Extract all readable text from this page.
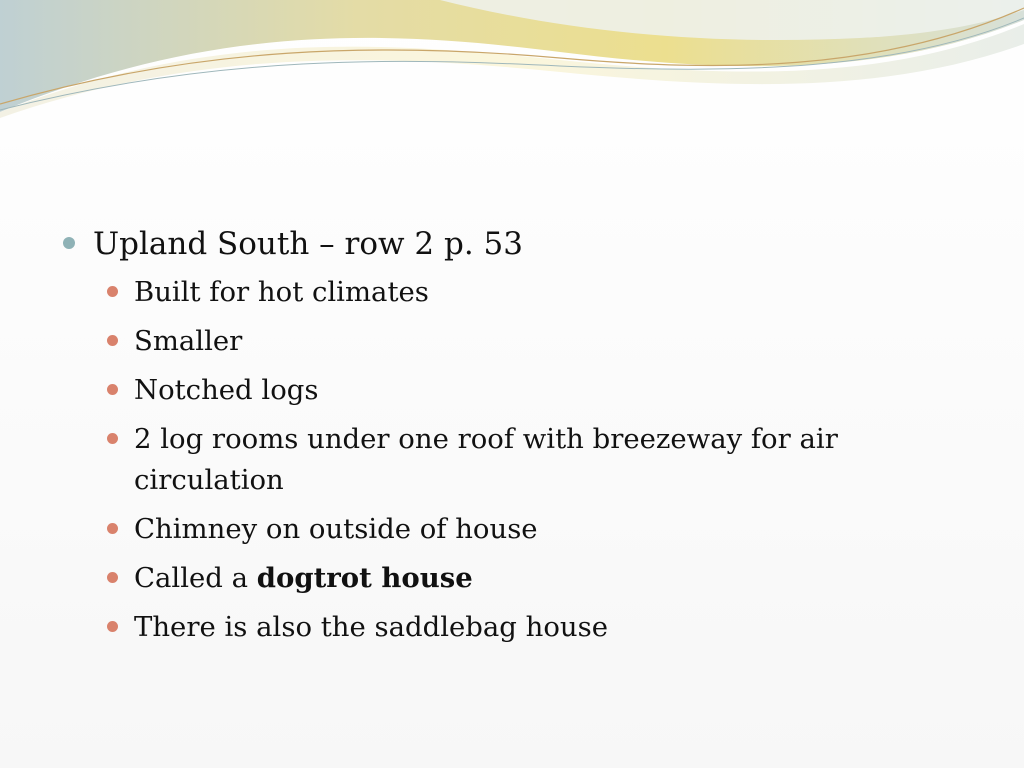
Upland South – row 2 p. 53
Built for hot climates
Smaller
Notched logs
2 log rooms under one roof with breezeway for air circulation
Chimney on outside of house
Called a dogtrot house
There is also the saddlebag house
